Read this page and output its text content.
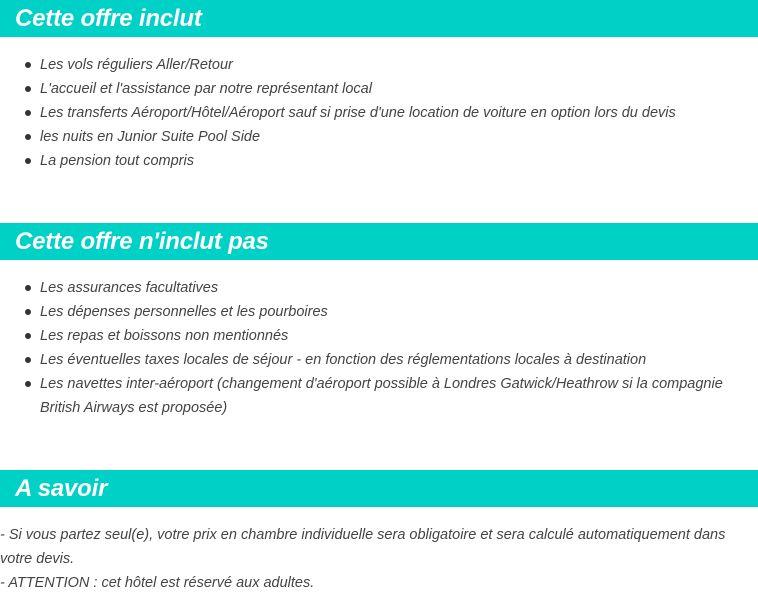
Cette offre inclut
Les vols réguliers Aller/Retour
L'accueil et l'assistance par notre représentant local
Les transferts Aéroport/Hôtel/Aéroport sauf si prise d'une location de voiture en option lors du devis
les nuits en Junior Suite Pool Side
La pension tout compris
Cette offre n'inclut pas
Les assurances facultatives
Les dépenses personnelles et les pourboires
Les repas et boissons non mentionnés
Les éventuelles taxes locales de séjour - en fonction des réglementations locales à destination
Les navettes inter-aéroport (changement d'aéroport possible à Londres Gatwick/Heathrow si la compagnie British Airways est proposée)
A savoir
- Si vous partez seul(e), votre prix en chambre individuelle sera obligatoire et sera calculé automatiquement dans votre devis.
- ATTENTION : cet hôtel est réservé aux adultes.
